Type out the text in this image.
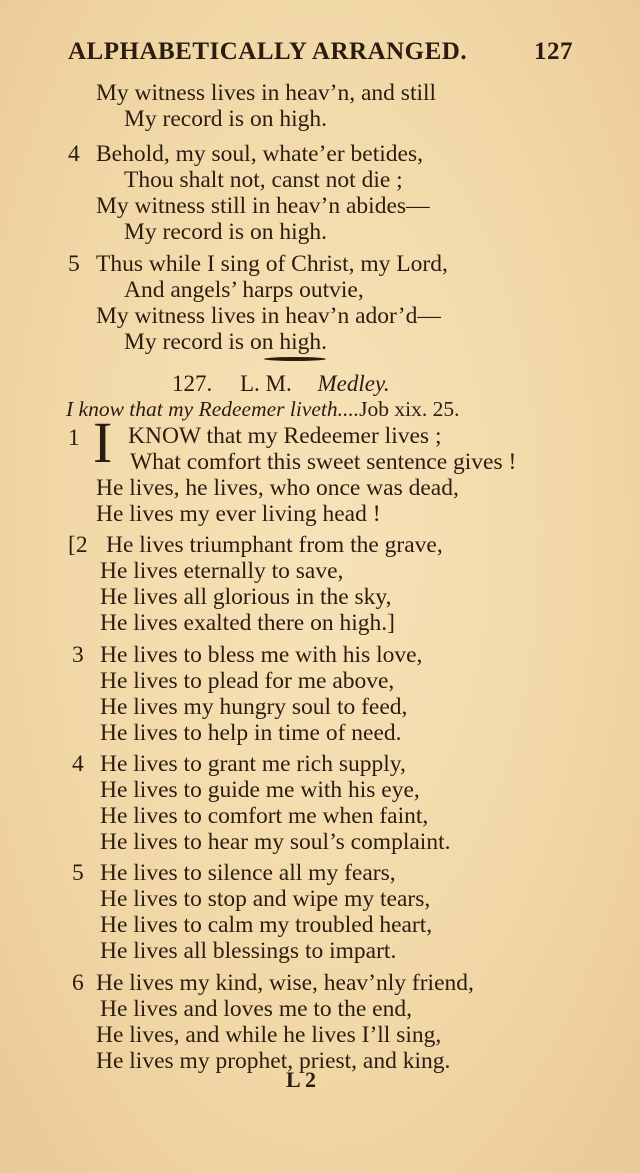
ALPHABETICALLY ARRANGED.	127
My witness lives in heav’n, and still
My record is on high.
4 Behold, my soul, whate’er betides,
Thou shalt not, canst not die ;
My witness still in heav’n abides—
My record is on high.
5 Thus while I sing of Christ, my Lord,
And angels’ harps outvie,
My witness lives in heav’n ador’d—
My record is on high.
127. L. M. Medley.
I know that my Redeemer liveth....Job xix. 25.
1 I KNOW that my Redeemer lives ;
What comfort this sweet sentence gives !
He lives, he lives, who once was dead,
He lives my ever living head !
[2 He lives triumphant from the grave,
He lives eternally to save,
He lives all glorious in the sky,
He lives exalted there on high.]
3 He lives to bless me with his love,
He lives to plead for me above,
He lives my hungry soul to feed,
He lives to help in time of need.
4 He lives to grant me rich supply,
He lives to guide me with his eye,
He lives to comfort me when faint,
He lives to hear my soul’s complaint.
5 He lives to silence all my fears,
He lives to stop and wipe my tears,
He lives to calm my troubled heart,
He lives all blessings to impart.
6 He lives my kind, wise, heav’nly friend,
He lives and loves me to the end,
He lives, and while he lives I’ll sing,
He lives my prophet, priest, and king.
L 2
